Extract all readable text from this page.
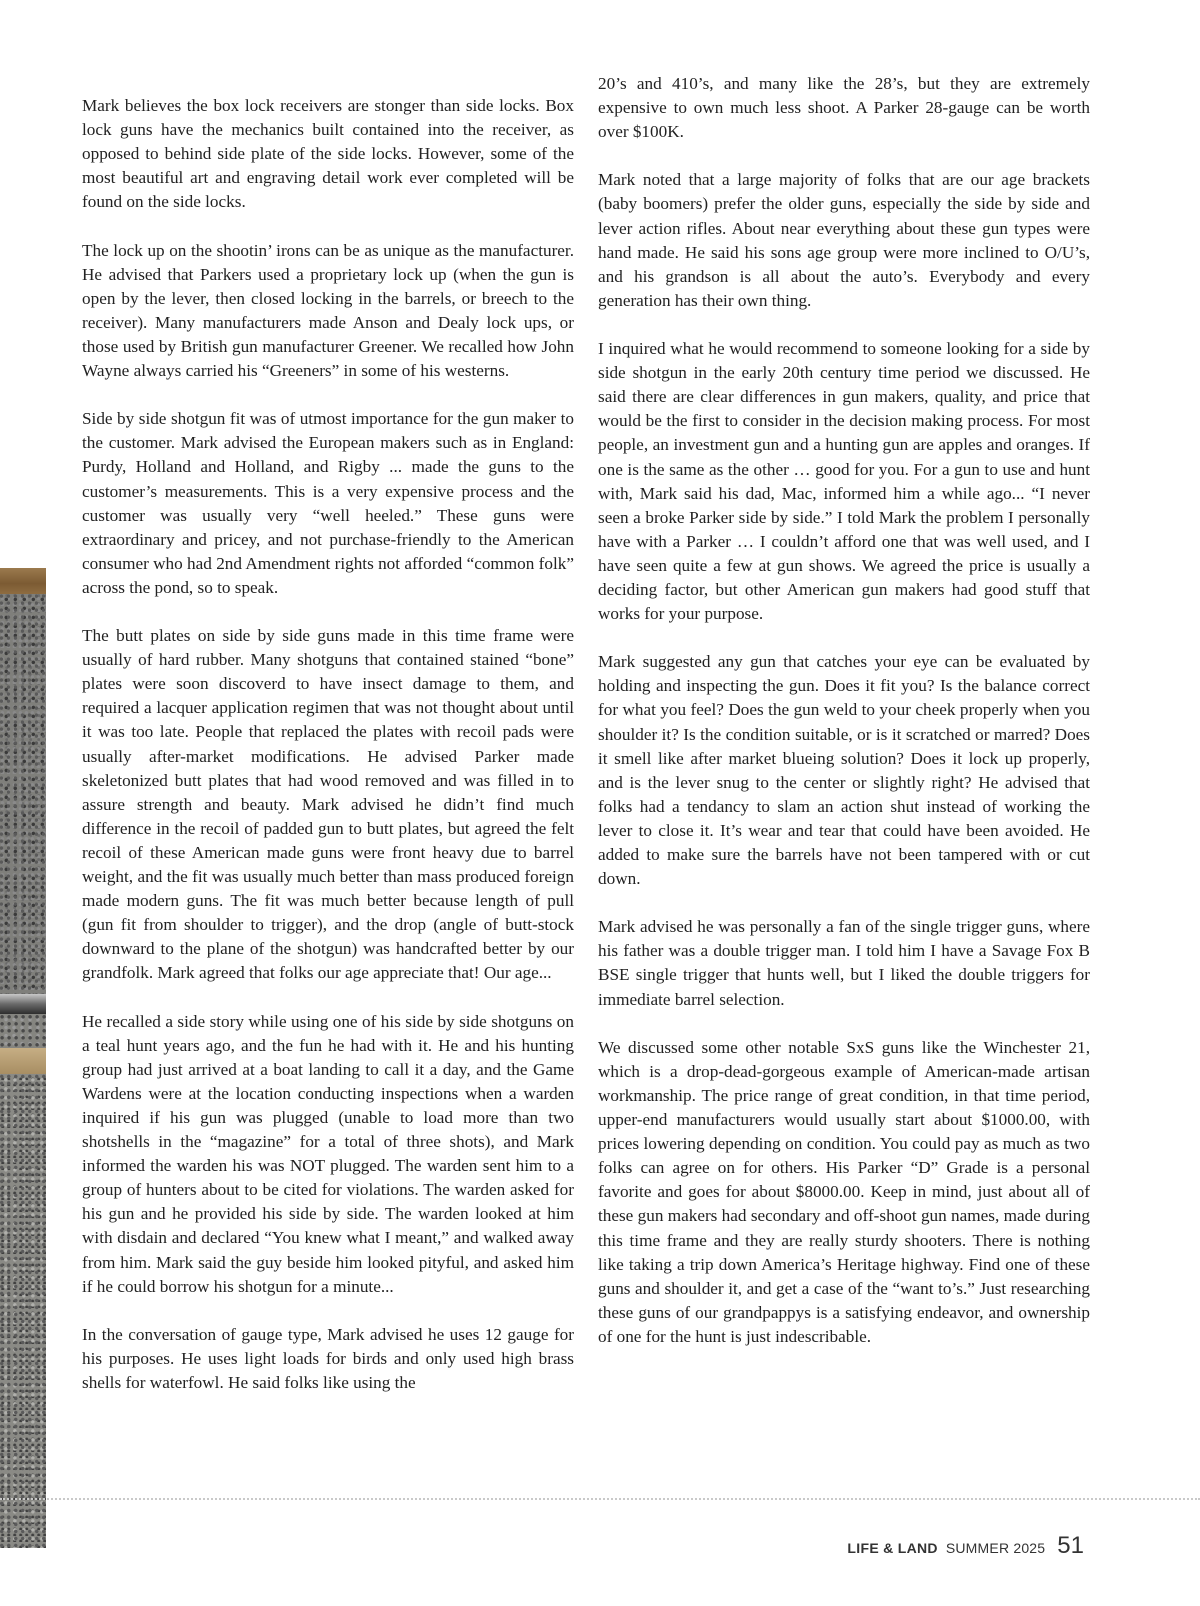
Mark believes the box lock receivers are stonger than side locks. Box lock guns have the mechanics built contained into the receiver, as opposed to behind side plate of the side locks. However, some of the most beautiful art and engraving detail work ever completed will be found on the side locks.

The lock up on the shootin’ irons can be as unique as the manufacturer. He advised that Parkers used a proprietary lock up (when the gun is open by the lever, then closed locking in the barrels, or breech to the receiver). Many manufacturers made Anson and Dealy lock ups, or those used by British gun manufacturer Greener. We recalled how John Wayne always carried his “Greeners” in some of his westerns.

Side by side shotgun fit was of utmost importance for the gun maker to the customer. Mark advised the European makers such as in England: Purdy, Holland and Holland, and Rigby ... made the guns to the customer’s measurements. This is a very expensive process and the customer was usually very “well heeled.” These guns were extraordinary and pricey, and not purchase-friendly to the American consumer who had 2nd Amendment rights not afforded “common folk” across the pond, so to speak.

The butt plates on side by side guns made in this time frame were usually of hard rubber. Many shotguns that contained stained “bone” plates were soon discoverd to have insect damage to them, and required a lacquer application regimen that was not thought about until it was too late. People that replaced the plates with recoil pads were usually after-market modifications. He advised Parker made skeletonized butt plates that had wood removed and was filled in to assure strength and beauty. Mark advised he didn’t find much difference in the recoil of padded gun to butt plates, but agreed the felt recoil of these American made guns were front heavy due to barrel weight, and the fit was usually much better than mass produced foreign made modern guns. The fit was much better because length of pull (gun fit from shoulder to trigger), and the drop (angle of butt-stock downward to the plane of the shotgun) was handcrafted better by our grandfolk. Mark agreed that folks our age appreciate that! Our age...

He recalled a side story while using one of his side by side shotguns on a teal hunt years ago, and the fun he had with it. He and his hunting group had just arrived at a boat landing to call it a day, and the Game Wardens were at the location conducting inspections when a warden inquired if his gun was plugged (unable to load more than two shotshells in the “magazine” for a total of three shots), and Mark informed the warden his was NOT plugged. The warden sent him to a group of hunters about to be cited for violations. The warden asked for his gun and he provided his side by side. The warden looked at him with disdain and declared “You knew what I meant,” and walked away from him. Mark said the guy beside him looked pityful, and asked him if he could borrow his shotgun for a minute...

In the conversation of gauge type, Mark advised he uses 12 gauge for his purposes. He uses light loads for birds and only used high brass shells for waterfowl. He said folks like using the

20’s and 410’s, and many like the 28’s, but they are extremely expensive to own much less shoot. A Parker 28-gauge can be worth over $100K.

Mark noted that a large majority of folks that are our age brackets (baby boomers) prefer the older guns, especially the side by side and lever action rifles. About near everything about these gun types were hand made. He said his sons age group were more inclined to O/U’s, and his grandson is all about the auto’s. Everybody and every generation has their own thing.

I inquired what he would recommend to someone looking for a side by side shotgun in the early 20th century time period we discussed. He said there are clear differences in gun makers, quality, and price that would be the first to consider in the decision making process. For most people, an investment gun and a hunting gun are apples and oranges. If one is the same as the other … good for you. For a gun to use and hunt with, Mark said his dad, Mac, informed him a while ago... “I never seen a broke Parker side by side.” I told Mark the problem I personally have with a Parker … I couldn’t afford one that was well used, and I have seen quite a few at gun shows. We agreed the price is usually a deciding factor, but other American gun makers had good stuff that works for your purpose.

Mark suggested any gun that catches your eye can be evaluated by holding and inspecting the gun. Does it fit you? Is the balance correct for what you feel? Does the gun weld to your cheek properly when you shoulder it? Is the condition suitable, or is it scratched or marred? Does it smell like after market blueing solution? Does it lock up properly, and is the lever snug to the center or slightly right? He advised that folks had a tendancy to slam an action shut instead of working the lever to close it. It’s wear and tear that could have been avoided. He added to make sure the barrels have not been tampered with or cut down.

Mark advised he was personally a fan of the single trigger guns, where his father was a double trigger man. I told him I have a Savage Fox B BSE single trigger that hunts well, but I liked the double triggers for immediate barrel selection.

We discussed some other notable SxS guns like the Winchester 21, which is a drop-dead-gorgeous example of American-made artisan workmanship. The price range of great condition, in that time period, upper-end manufacturers would usually start about $1000.00, with prices lowering depending on condition. You could pay as much as two folks can agree on for others. His Parker “D” Grade is a personal favorite and goes for about $8000.00. Keep in mind, just about all of these gun makers had secondary and off-shoot gun names, made during this time frame and they are really sturdy shooters. There is nothing like taking a trip down America’s Heritage highway. Find one of these guns and shoulder it, and get a case of the “want to’s.” Just researching these guns of our grandpappys is a satisfying endeavor, and ownership of one for the hunt is just indescribable.

LIFE & LAND SUMMER 2025 51
